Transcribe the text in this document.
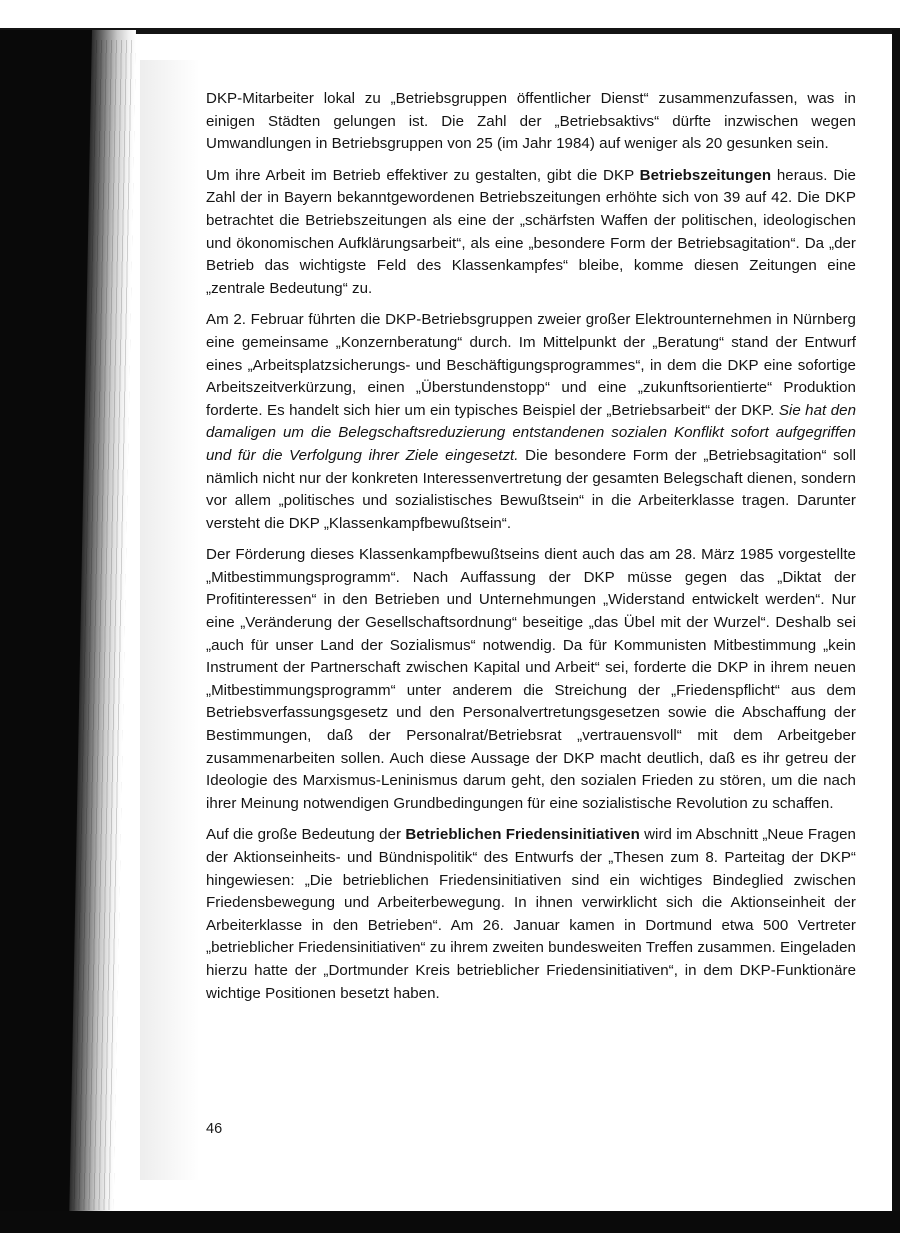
DKP-Mitarbeiter lokal zu „Betriebsgruppen öffentlicher Dienst“ zusammenzufassen, was in einigen Städten gelungen ist. Die Zahl der „Betriebsaktivs“ dürfte inzwischen wegen Umwandlungen in Betriebsgruppen von 25 (im Jahr 1984) auf weniger als 20 gesunken sein.

Um ihre Arbeit im Betrieb effektiver zu gestalten, gibt die DKP Betriebszeitungen heraus. Die Zahl der in Bayern bekanntgewordenen Betriebszeitungen erhöhte sich von 39 auf 42. Die DKP betrachtet die Betriebszeitungen als eine der „schärfsten Waffen der politischen, ideologischen und ökonomischen Aufklärungsarbeit“, als eine „besondere Form der Betriebsagitation“. Da „der Betrieb das wichtigste Feld des Klassenkampfes“ bleibe, komme diesen Zeitungen eine „zentrale Bedeutung“ zu.

Am 2. Februar führten die DKP-Betriebsgruppen zweier großer Elektrounternehmen in Nürnberg eine gemeinsame „Konzernberatung“ durch. Im Mittelpunkt der „Beratung“ stand der Entwurf eines „Arbeitsplatzsicherungs- und Beschäftigungsprogrammes“, in dem die DKP eine sofortige Arbeitszeitverkürzung, einen „Überstundenstopp“ und eine „zukunftsorientierte“ Produktion forderte. Es handelt sich hier um ein typisches Beispiel der „Betriebsarbeit“ der DKP. Sie hat den damaligen um die Belegschaftsreduzierung entstandenen sozialen Konflikt sofort aufgegriffen und für die Verfolgung ihrer Ziele eingesetzt. Die besondere Form der „Betriebsagitation“ soll nämlich nicht nur der konkreten Interessenvertretung der gesamten Belegschaft dienen, sondern vor allem „politisches und sozialistisches Bewußtsein“ in die Arbeiterklasse tragen. Darunter versteht die DKP „Klassenkampfbewußtsein“.

Der Förderung dieses Klassenkampfbewußtseins dient auch das am 28. März 1985 vorgestellte „Mitbestimmungsprogramm“. Nach Auffassung der DKP müsse gegen das „Diktat der Profitinteressen“ in den Betrieben und Unternehmungen „Widerstand entwickelt werden“. Nur eine „Veränderung der Gesellschaftsordnung“ beseitige „das Übel mit der Wurzel“. Deshalb sei „auch für unser Land der Sozialismus“ notwendig. Da für Kommunisten Mitbestimmung „kein Instrument der Partnerschaft zwischen Kapital und Arbeit“ sei, forderte die DKP in ihrem neuen „Mitbestimmungsprogramm“ unter anderem die Streichung der „Friedenspflicht“ aus dem Betriebsverfassungsgesetz und den Personalvertretungsgesetzen sowie die Abschaffung der Bestimmungen, daß der Personalrat/Betriebsrat „vertrauensvoll“ mit dem Arbeitgeber zusammenarbeiten sollen. Auch diese Aussage der DKP macht deutlich, daß es ihr getreu der Ideologie des Marxismus-Leninismus darum geht, den sozialen Frieden zu stören, um die nach ihrer Meinung notwendigen Grundbedingungen für eine sozialistische Revolution zu schaffen.

Auf die große Bedeutung der Betrieblichen Friedensinitiativen wird im Abschnitt „Neue Fragen der Aktionseinheits- und Bündnispolitik“ des Entwurfs der „Thesen zum 8. Parteitag der DKP“ hingewiesen: „Die betrieblichen Friedensinitiativen sind ein wichtiges Bindeglied zwischen Friedensbewegung und Arbeiterbewegung. In ihnen verwirklicht sich die Aktionseinheit der Arbeiterklasse in den Betrieben“. Am 26. Januar kamen in Dortmund etwa 500 Vertreter „betrieblicher Friedensinitiativen“ zu ihrem zweiten bundesweiten Treffen zusammen. Eingeladen hierzu hatte der „Dortmunder Kreis betrieblicher Friedensinitiativen“, in dem DKP-Funktionäre wichtige Positionen besetzt haben.

46
